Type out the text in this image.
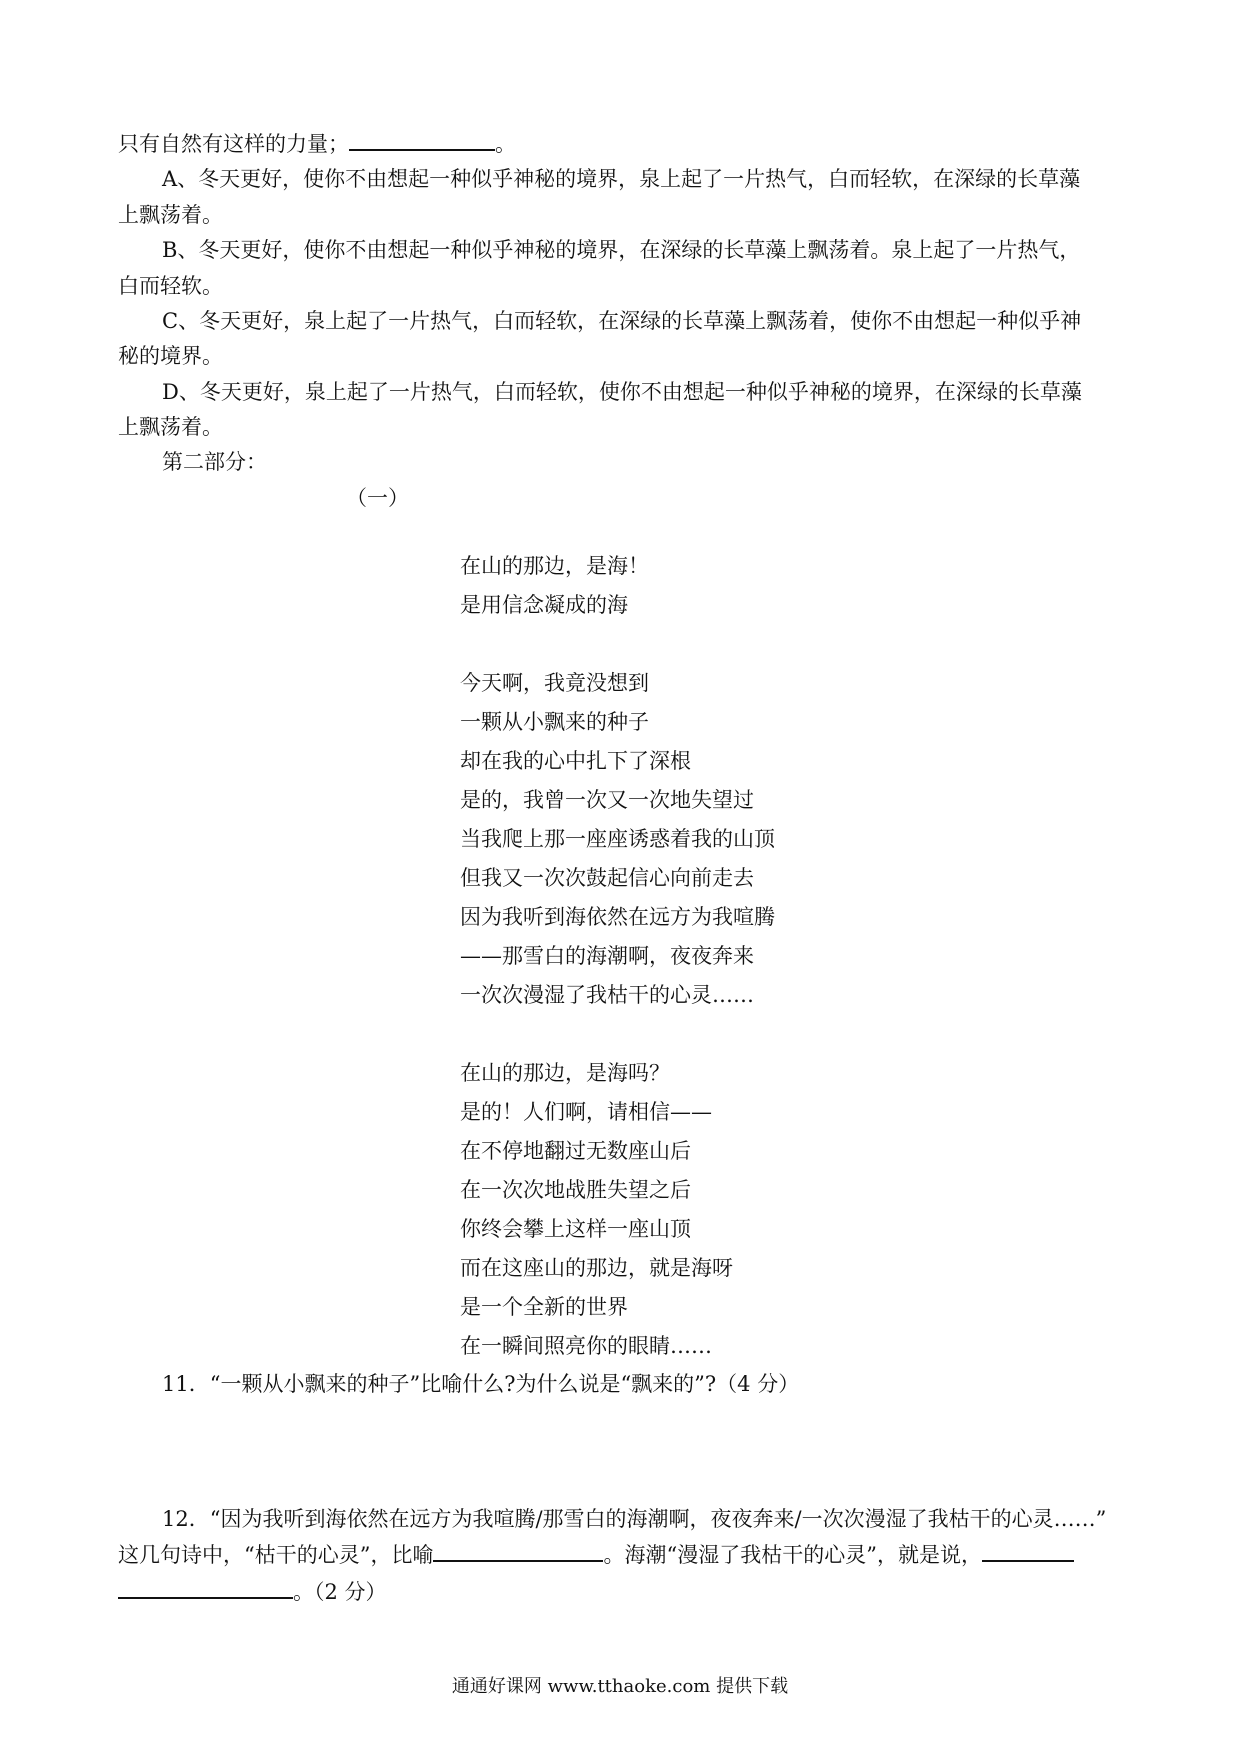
只有自然有这样的力量；	。
A、冬天更好，使你不由想起一种似乎神秘的境界，泉上起了一片热气，白而轻软，在深绿的长草藻
上飘荡着。
B、冬天更好，使你不由想起一种似乎神秘的境界，在深绿的长草藻上飘荡着。泉上起了一片热气，
白而轻软。
C、冬天更好，泉上起了一片热气，白而轻软，在深绿的长草藻上飘荡着，使你不由想起一种似乎神
秘的境界。
D、冬天更好，泉上起了一片热气，白而轻软，使你不由想起一种似乎神秘的境界，在深绿的长草藻
上飘荡着。
第二部分：
（一）
在山的那边，是海！
是用信念凝成的海
今天啊，我竟没想到
一颗从小飘来的种子
却在我的心中扎下了深根
是的，我曾一次又一次地失望过
当我爬上那一座座诱惑着我的山顶
但我又一次次鼓起信心向前走去
因为我听到海依然在远方为我喧腾
——那雪白的海潮啊，夜夜奔来
一次次漫湿了我枯干的心灵……
在山的那边，是海吗？
是的！人们啊，请相信——
在不停地翻过无数座山后
在一次次地战胜失望之后
你终会攀上这样一座山顶
而在这座山的那边，就是海呀
是一个全新的世界
在一瞬间照亮你的眼睛……
11．“一颗从小飘来的种子”比喻什么?为什么说是“飘来的”?（4 分）
12．“因为我听到海依然在远方为我喧腾/那雪白的海潮啊，夜夜奔来/一次次漫湿了我枯干的心灵……”
这几句诗中，“枯干的心灵”，比喻	。海潮“漫湿了我枯干的心灵”，就是说，
。（2 分）
通通好课网 www.tthaoke.com 提供下载
